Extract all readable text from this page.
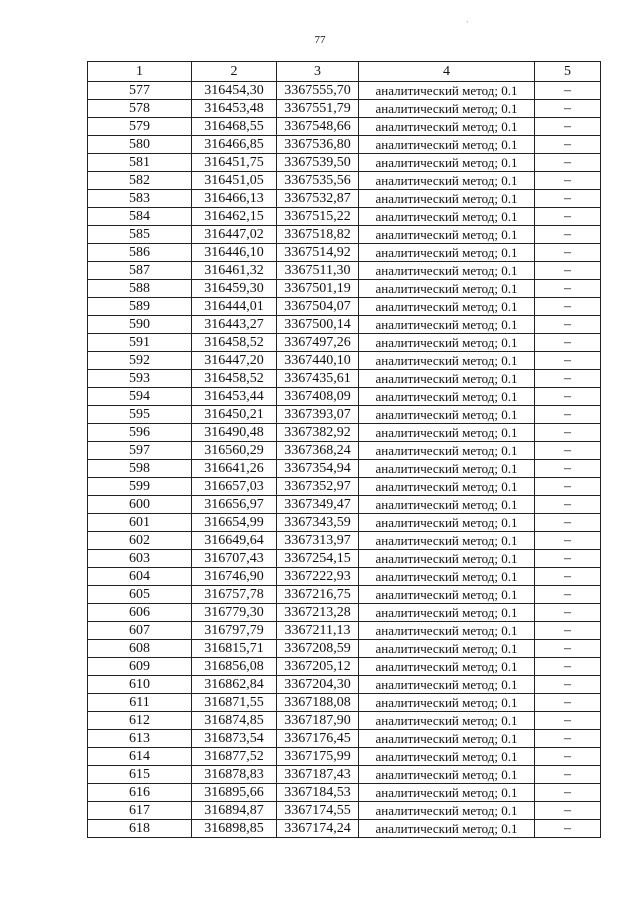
ˋ
77
1	2	3	4	5
577	316454,30	3367555,70	аналитический метод; 0.1	–
578	316453,48	3367551,79	аналитический метод; 0.1	–
579	316468,55	3367548,66	аналитический метод; 0.1	–
580	316466,85	3367536,80	аналитический метод; 0.1	–
581	316451,75	3367539,50	аналитический метод; 0.1	–
582	316451,05	3367535,56	аналитический метод; 0.1	–
583	316466,13	3367532,87	аналитический метод; 0.1	–
584	316462,15	3367515,22	аналитический метод; 0.1	–
585	316447,02	3367518,82	аналитический метод; 0.1	–
586	316446,10	3367514,92	аналитический метод; 0.1	–
587	316461,32	3367511,30	аналитический метод; 0.1	–
588	316459,30	3367501,19	аналитический метод; 0.1	–
589	316444,01	3367504,07	аналитический метод; 0.1	–
590	316443,27	3367500,14	аналитический метод; 0.1	–
591	316458,52	3367497,26	аналитический метод; 0.1	–
592	316447,20	3367440,10	аналитический метод; 0.1	–
593	316458,52	3367435,61	аналитический метод; 0.1	–
594	316453,44	3367408,09	аналитический метод; 0.1	–
595	316450,21	3367393,07	аналитический метод; 0.1	–
596	316490,48	3367382,92	аналитический метод; 0.1	–
597	316560,29	3367368,24	аналитический метод; 0.1	–
598	316641,26	3367354,94	аналитический метод; 0.1	–
599	316657,03	3367352,97	аналитический метод; 0.1	–
600	316656,97	3367349,47	аналитический метод; 0.1	–
601	316654,99	3367343,59	аналитический метод; 0.1	–
602	316649,64	3367313,97	аналитический метод; 0.1	–
603	316707,43	3367254,15	аналитический метод; 0.1	–
604	316746,90	3367222,93	аналитический метод; 0.1	–
605	316757,78	3367216,75	аналитический метод; 0.1	–
606	316779,30	3367213,28	аналитический метод; 0.1	–
607	316797,79	3367211,13	аналитический метод; 0.1	–
608	316815,71	3367208,59	аналитический метод; 0.1	–
609	316856,08	3367205,12	аналитический метод; 0.1	–
610	316862,84	3367204,30	аналитический метод; 0.1	–
611	316871,55	3367188,08	аналитический метод; 0.1	–
612	316874,85	3367187,90	аналитический метод; 0.1	–
613	316873,54	3367176,45	аналитический метод; 0.1	–
614	316877,52	3367175,99	аналитический метод; 0.1	–
615	316878,83	3367187,43	аналитический метод; 0.1	–
616	316895,66	3367184,53	аналитический метод; 0.1	–
617	316894,87	3367174,55	аналитический метод; 0.1	–
618	316898,85	3367174,24	аналитический метод; 0.1	–
